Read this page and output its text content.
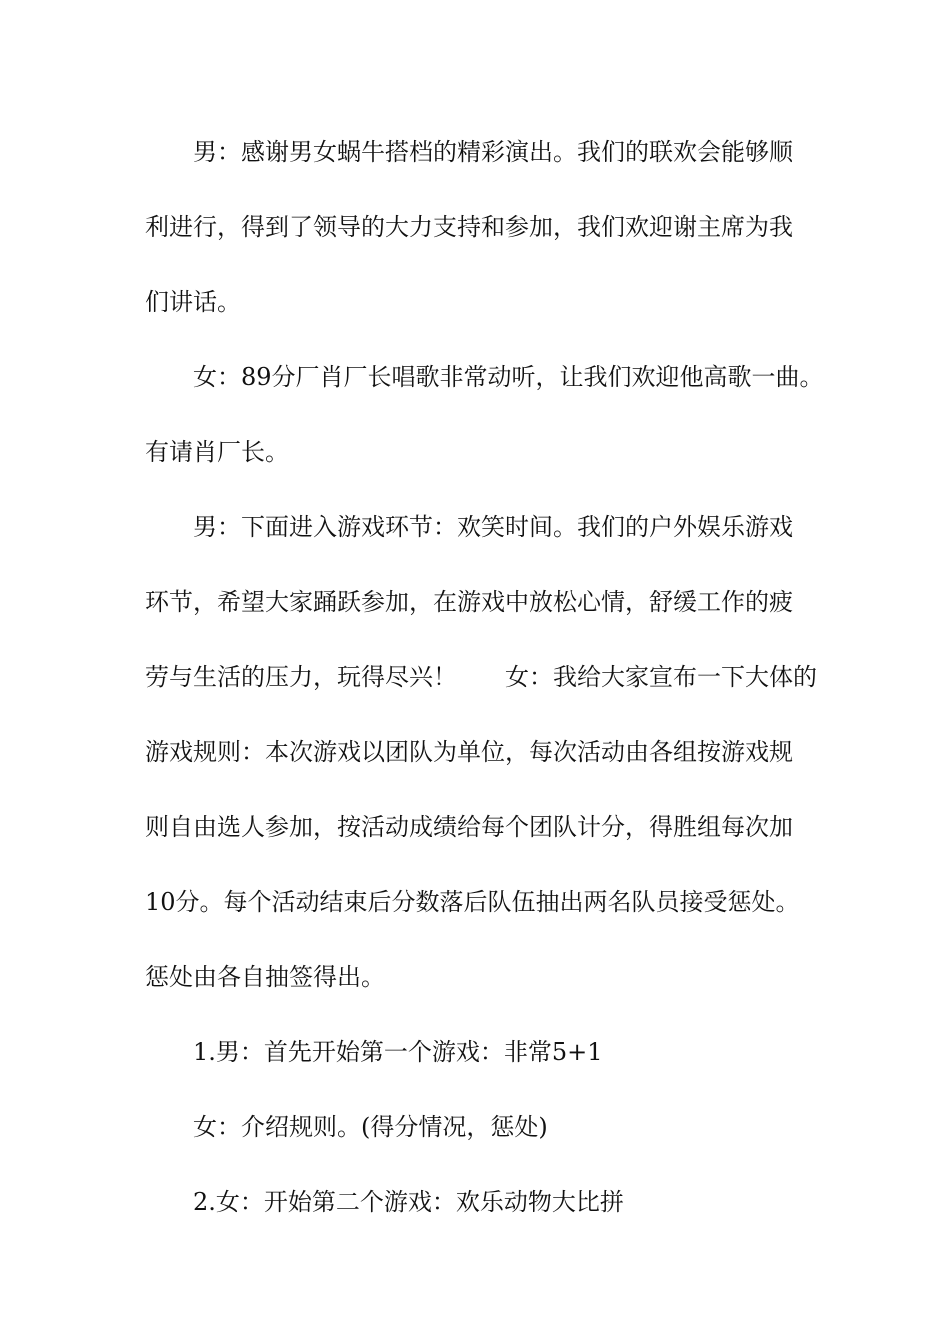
男：感谢男女蜗牛搭档的精彩演出。我们的联欢会能够顺
利进行，得到了领导的大力支持和参加，我们欢迎谢主席为我
们讲话。
女：89分厂肖厂长唱歌非常动听，让我们欢迎他高歌一曲。
有请肖厂长。
男：下面进入游戏环节：欢笑时间。我们的户外娱乐游戏
环节，希望大家踊跃参加，在游戏中放松心情，舒缓工作的疲
劳与生活的压力，玩得尽兴！　　女：我给大家宣布一下大体的
游戏规则：本次游戏以团队为单位，每次活动由各组按游戏规
则自由选人参加，按活动成绩给每个团队计分，得胜组每次加
10分。每个活动结束后分数落后队伍抽出两名队员接受惩处。
惩处由各自抽签得出。
1.男：首先开始第一个游戏：非常5+1
女：介绍规则。(得分情况，惩处)
2.女：开始第二个游戏：欢乐动物大比拼
